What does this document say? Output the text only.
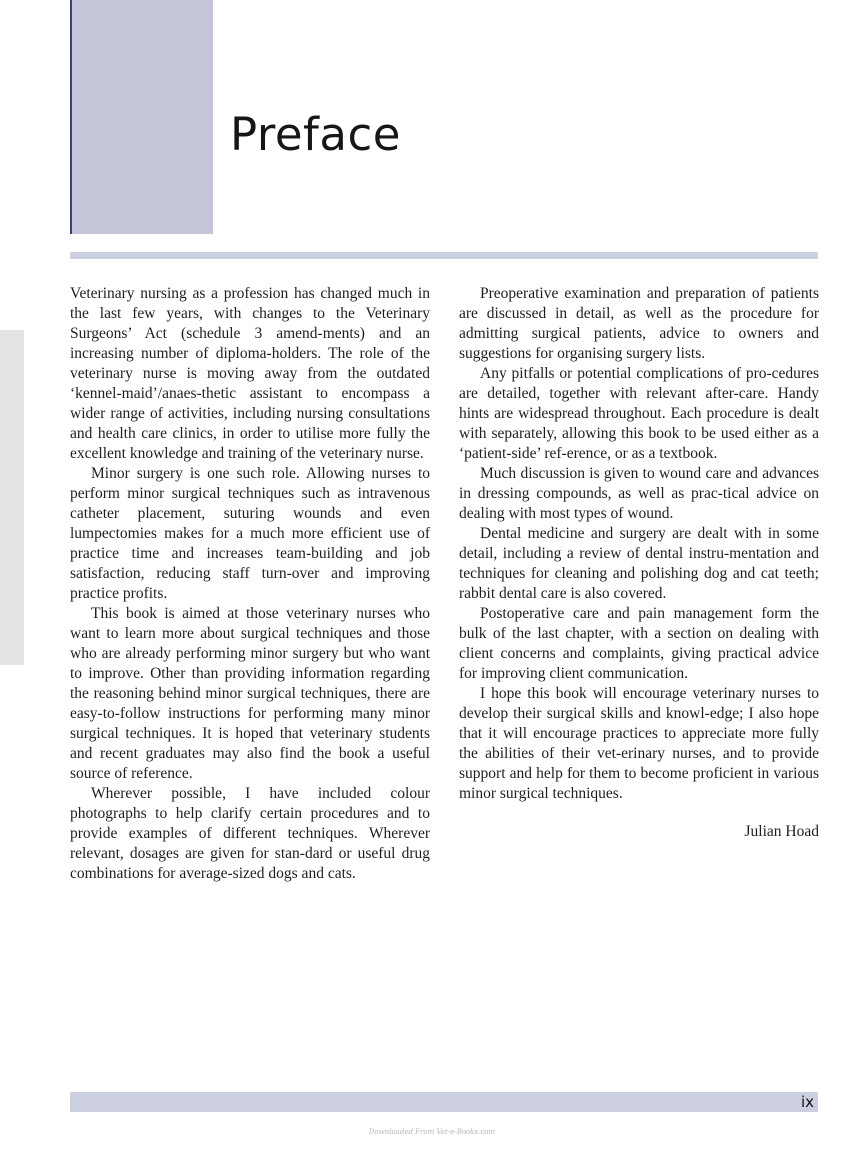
Preface

Veterinary nursing as a profession has changed much in the last few years, with changes to the Veterinary Surgeons’ Act (schedule 3 amend-ments) and an increasing number of diploma-holders. The role of the veterinary nurse is moving away from the outdated ‘kennel-maid’/anaes-thetic assistant to encompass a wider range of activities, including nursing consultations and health care clinics, in order to utilise more fully the excellent knowledge and training of the veterinary nurse.

Minor surgery is one such role. Allowing nurses to perform minor surgical techniques such as intravenous catheter placement, suturing wounds and even lumpectomies makes for a much more efficient use of practice time and increases team-building and job satisfaction, reducing staff turn-over and improving practice profits.

This book is aimed at those veterinary nurses who want to learn more about surgical techniques and those who are already performing minor surgery but who want to improve. Other than providing information regarding the reasoning behind minor surgical techniques, there are easy-to-follow instructions for performing many minor surgical techniques. It is hoped that veterinary students and recent graduates may also find the book a useful source of reference.

Wherever possible, I have included colour photographs to help clarify certain procedures and to provide examples of different techniques. Wherever relevant, dosages are given for stan-dard or useful drug combinations for average-sized dogs and cats.

Preoperative examination and preparation of patients are discussed in detail, as well as the procedure for admitting surgical patients, advice to owners and suggestions for organising surgery lists.

Any pitfalls or potential complications of pro-cedures are detailed, together with relevant after-care. Handy hints are widespread throughout. Each procedure is dealt with separately, allowing this book to be used either as a ‘patient-side’ ref-erence, or as a textbook.

Much discussion is given to wound care and advances in dressing compounds, as well as prac-tical advice on dealing with most types of wound.

Dental medicine and surgery are dealt with in some detail, including a review of dental instru-mentation and techniques for cleaning and polishing dog and cat teeth; rabbit dental care is also covered.

Postoperative care and pain management form the bulk of the last chapter, with a section on dealing with client concerns and complaints, giving practical advice for improving client communication.

I hope this book will encourage veterinary nurses to develop their surgical skills and knowl-edge; I also hope that it will encourage practices to appreciate more fully the abilities of their vet-erinary nurses, and to provide support and help for them to become proficient in various minor surgical techniques.

Julian Hoad
ix
Downloaded From Vet-e-Books.com
